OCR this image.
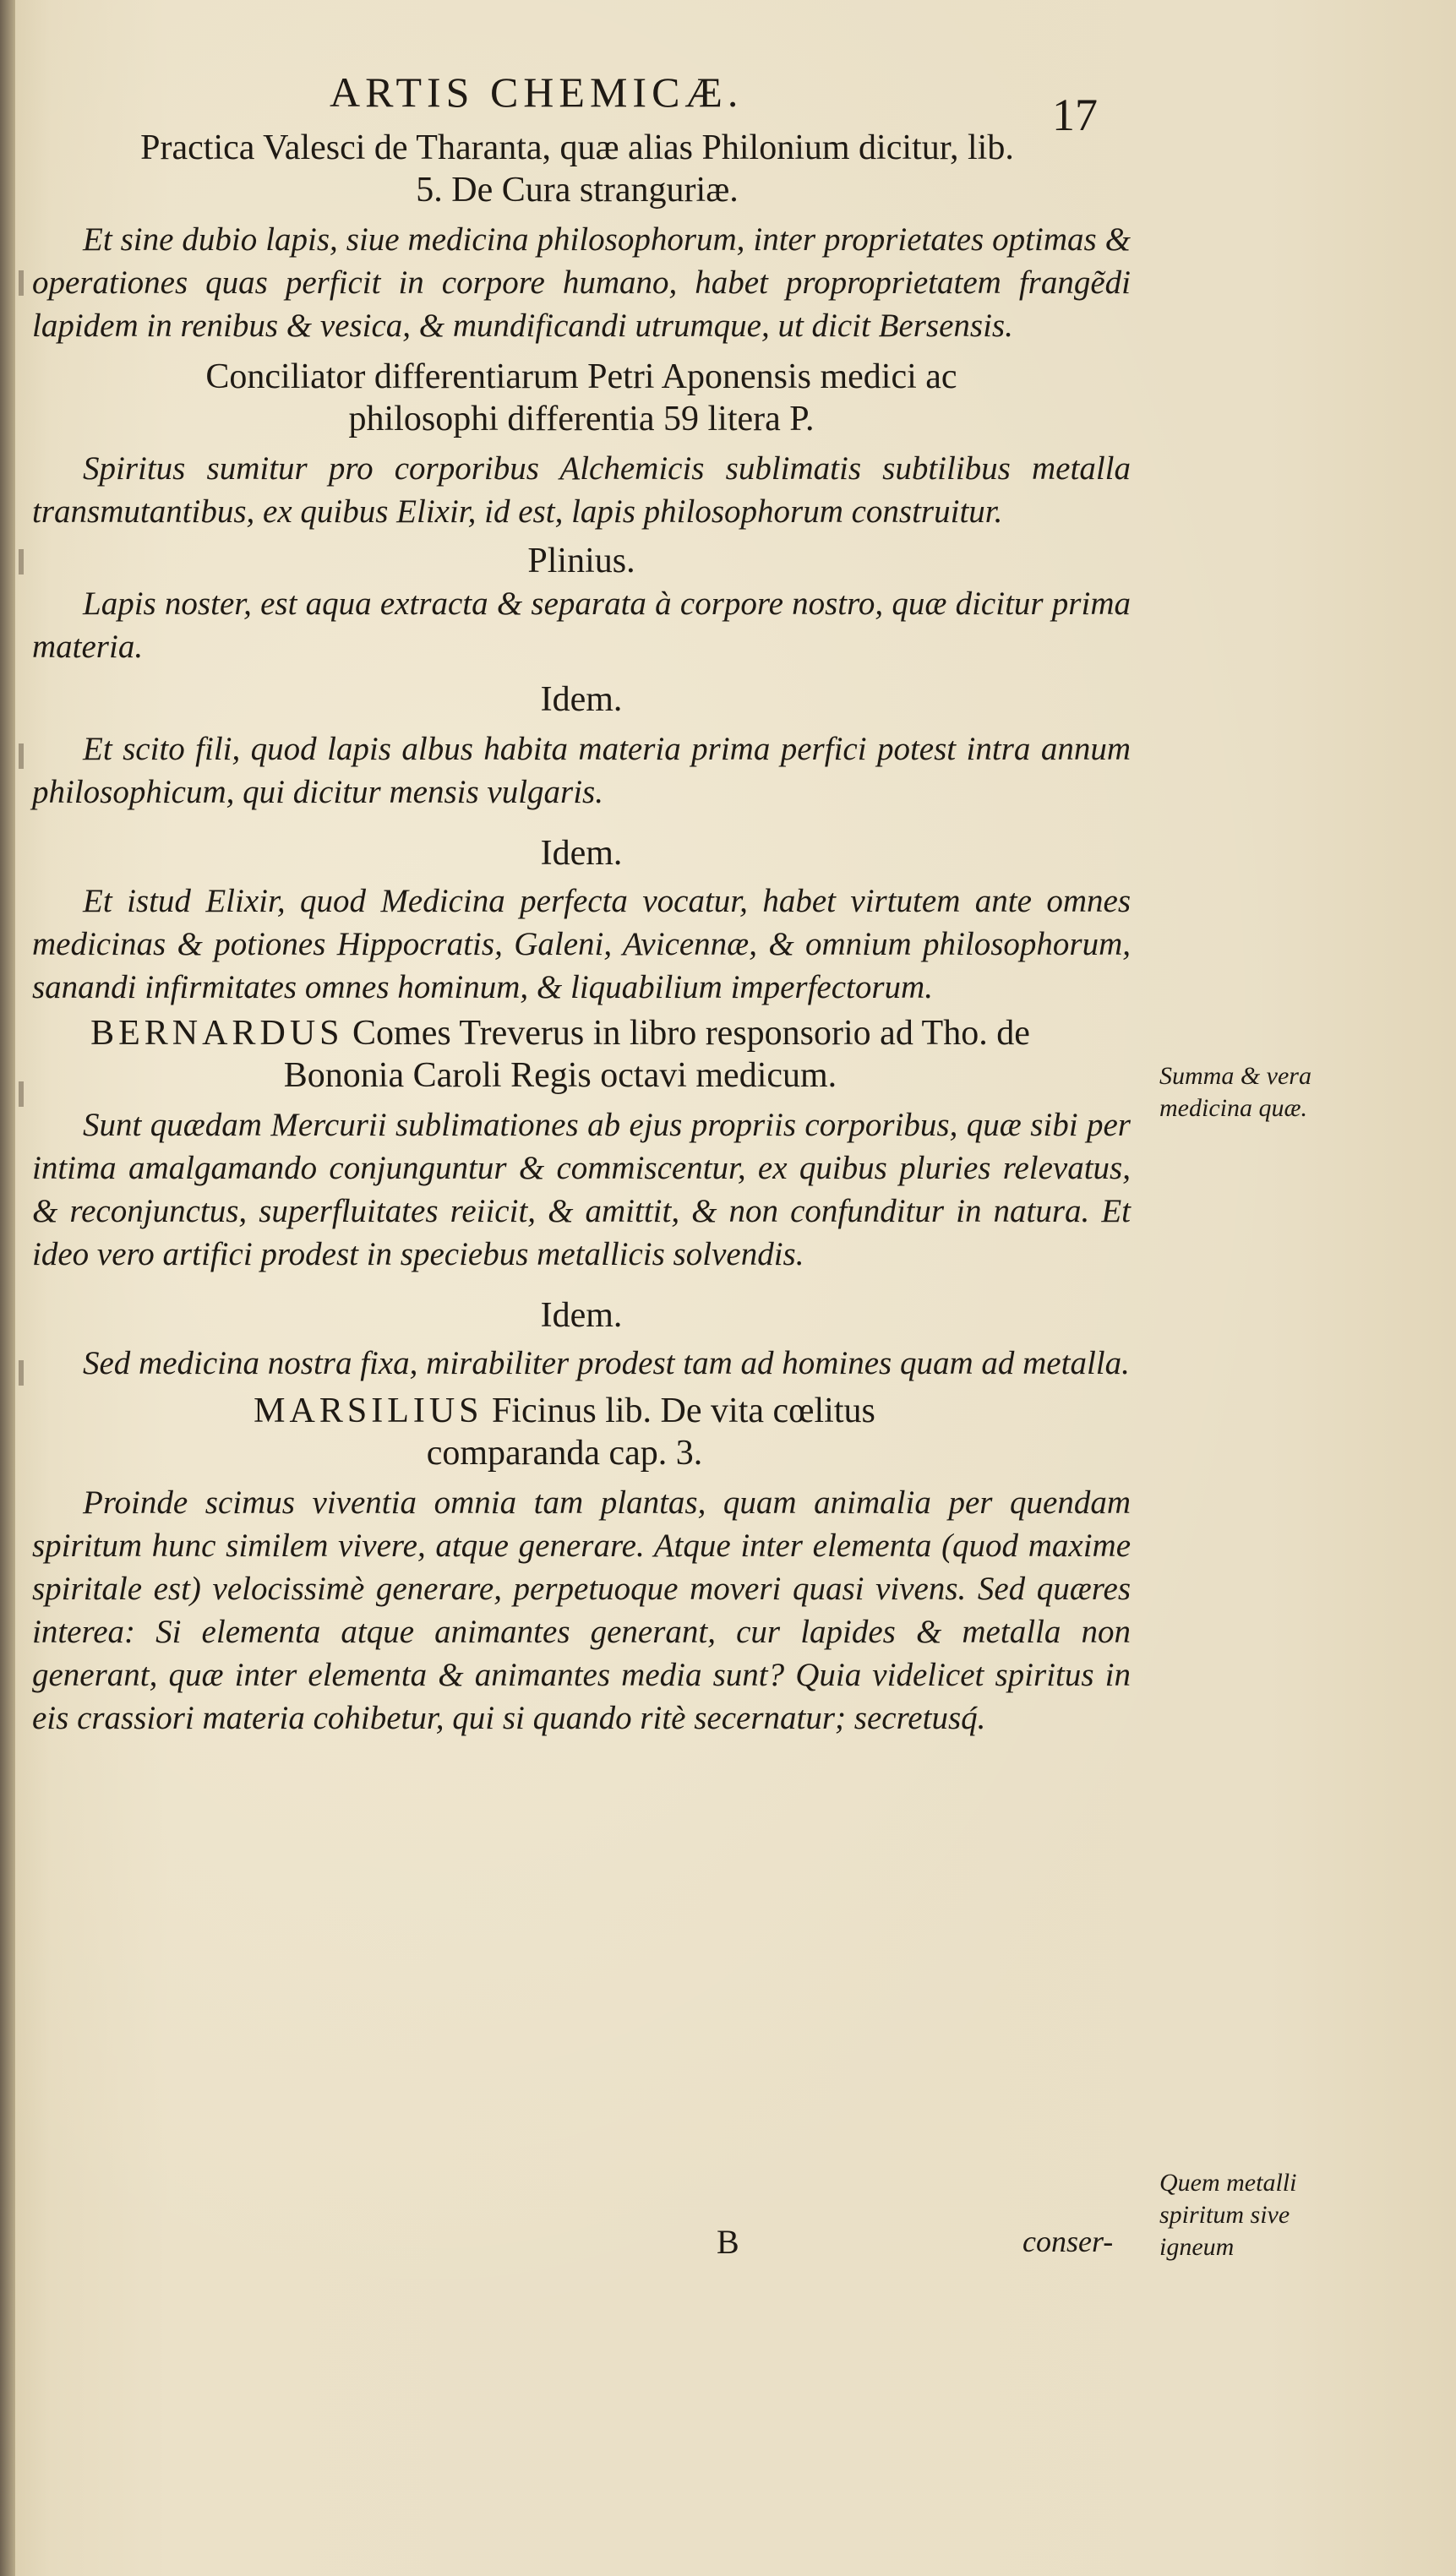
ARTIS CHEMICÆ.	17

Practica Valesci de Tharanta, quæ alias Philonium dicitur, lib. 5. De Cura stranguriæ.

Et sine dubio lapis, siue medicina philosophorum, inter proprietates optimas & operationes quas perficit in corpore humano, habet proproprietatem frangẽdi lapidem in renibus & vesica, & mundificandi utrumque, ut dicit Bersensis.

Conciliator differentiarum Petri Aponensis medici ac philosophi differentia 59 litera P.

Spiritus sumitur pro corporibus Alchemicis sublimatis subtilibus metalla transmutantibus, ex quibus Elixir, id est, lapis philosophorum construitur.

Plinius.

Lapis noster, est aqua extracta & separata à corpore nostro, quæ dicitur prima materia.

Idem.

Et scito fili, quod lapis albus habita materia prima perfici potest intra annum philosophicum, qui dicitur mensis vulgaris.

Idem.

Et istud Elixir, quod Medicina perfecta vocatur, habet virtutem ante omnes medicinas & potiones Hippocratis, Galeni, Avicennæ, & omnium philosophorum, sanandi infirmitates omnes hominum, & liquabilium imperfectorum.

BERNARDUS Comes Treverus in libro responsorio ad Tho. de Bononia Caroli Regis octavi medicum.

Sunt quædam Mercurii sublimationes ab ejus propriis corporibus, quæ sibi per intima amalgamando conjunguntur & commiscentur, ex quibus pluries relevatus, & reconjunctus, superfluitates reiicit, & amittit, & non confunditur in natura. Et ideo vero artifici prodest in speciebus metallicis solvendis.

Idem.

Sed medicina nostra fixa, mirabiliter prodest tam ad homines quam ad metalla.

MARSILIUS Ficinus lib. De vita cœlitus comparanda cap. 3.

Proinde scimus viventia omnia tam plantas, quam animalia per quendam spiritum hunc similem vivere, atque generare. Atque inter elementa (quod maxime spiritale est) velocissimè generare, perpetuoque moveri quasi vivens. Sed quæres interea: Si elementa atque animantes generant, cur lapides & metalla non generant, quæ inter elementa & animantes media sunt? Quia videlicet spiritus in eis crassiori materia cohibetur, qui si quando ritè secernatur; secretusq́.

Summa & vera medicina quæ.
Quem metalli spiritum sive igneum
B	conser-
